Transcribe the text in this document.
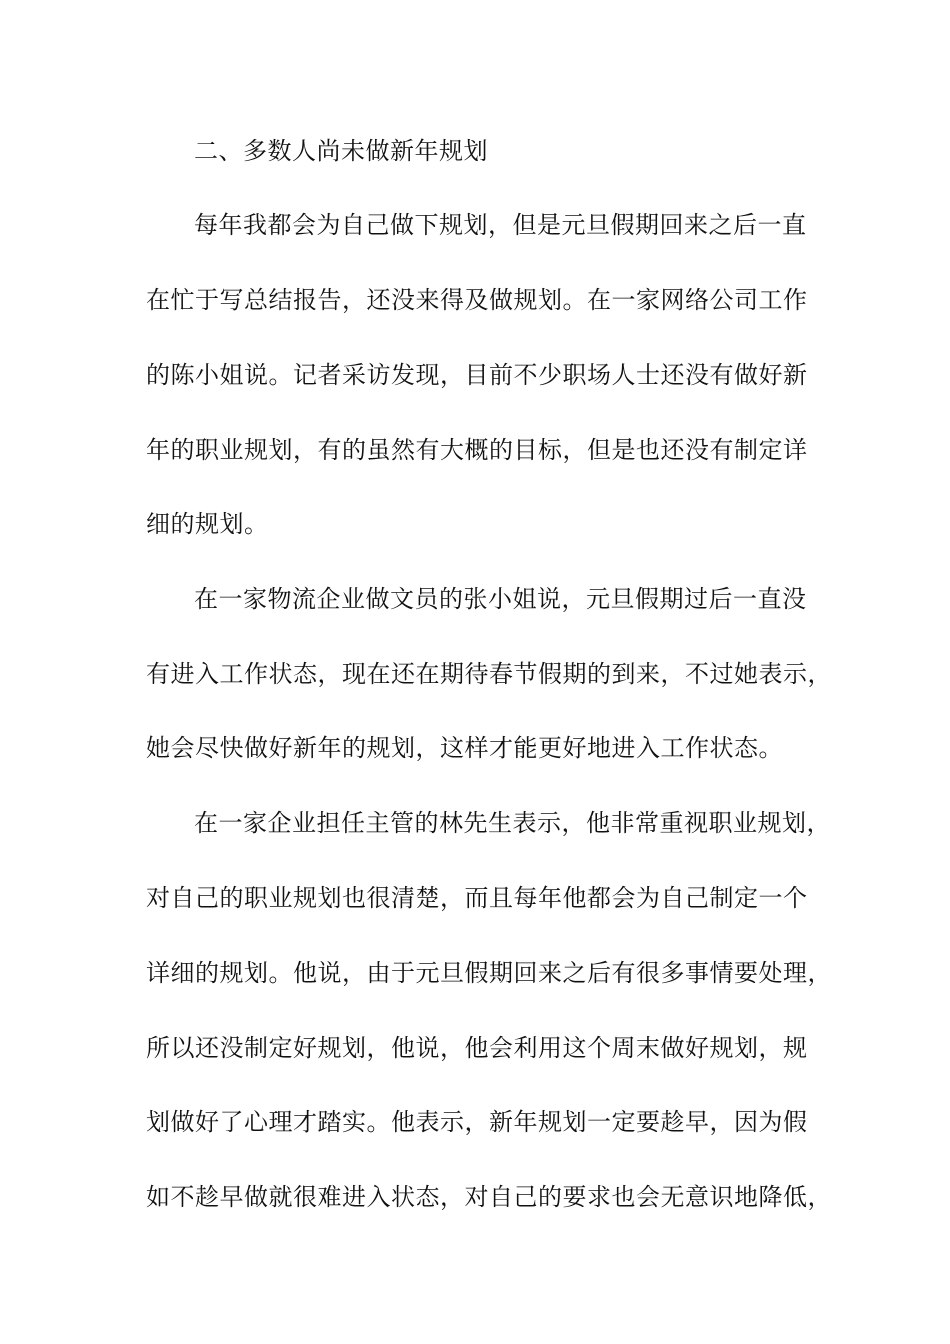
二、多数人尚未做新年规划
每年我都会为自己做下规划，但是元旦假期回来之后一直
在忙于写总结报告，还没来得及做规划。在一家网络公司工作
的陈小姐说。记者采访发现，目前不少职场人士还没有做好新
年的职业规划，有的虽然有大概的目标，但是也还没有制定详
细的规划。
在一家物流企业做文员的张小姐说，元旦假期过后一直没
有进入工作状态，现在还在期待春节假期的到来，不过她表示，
她会尽快做好新年的规划，这样才能更好地进入工作状态。
在一家企业担任主管的林先生表示，他非常重视职业规划，
对自己的职业规划也很清楚，而且每年他都会为自己制定一个
详细的规划。他说，由于元旦假期回来之后有很多事情要处理，
所以还没制定好规划，他说，他会利用这个周末做好规划，规
划做好了心理才踏实。他表示，新年规划一定要趁早，因为假
如不趁早做就很难进入状态，对自己的要求也会无意识地降低，
